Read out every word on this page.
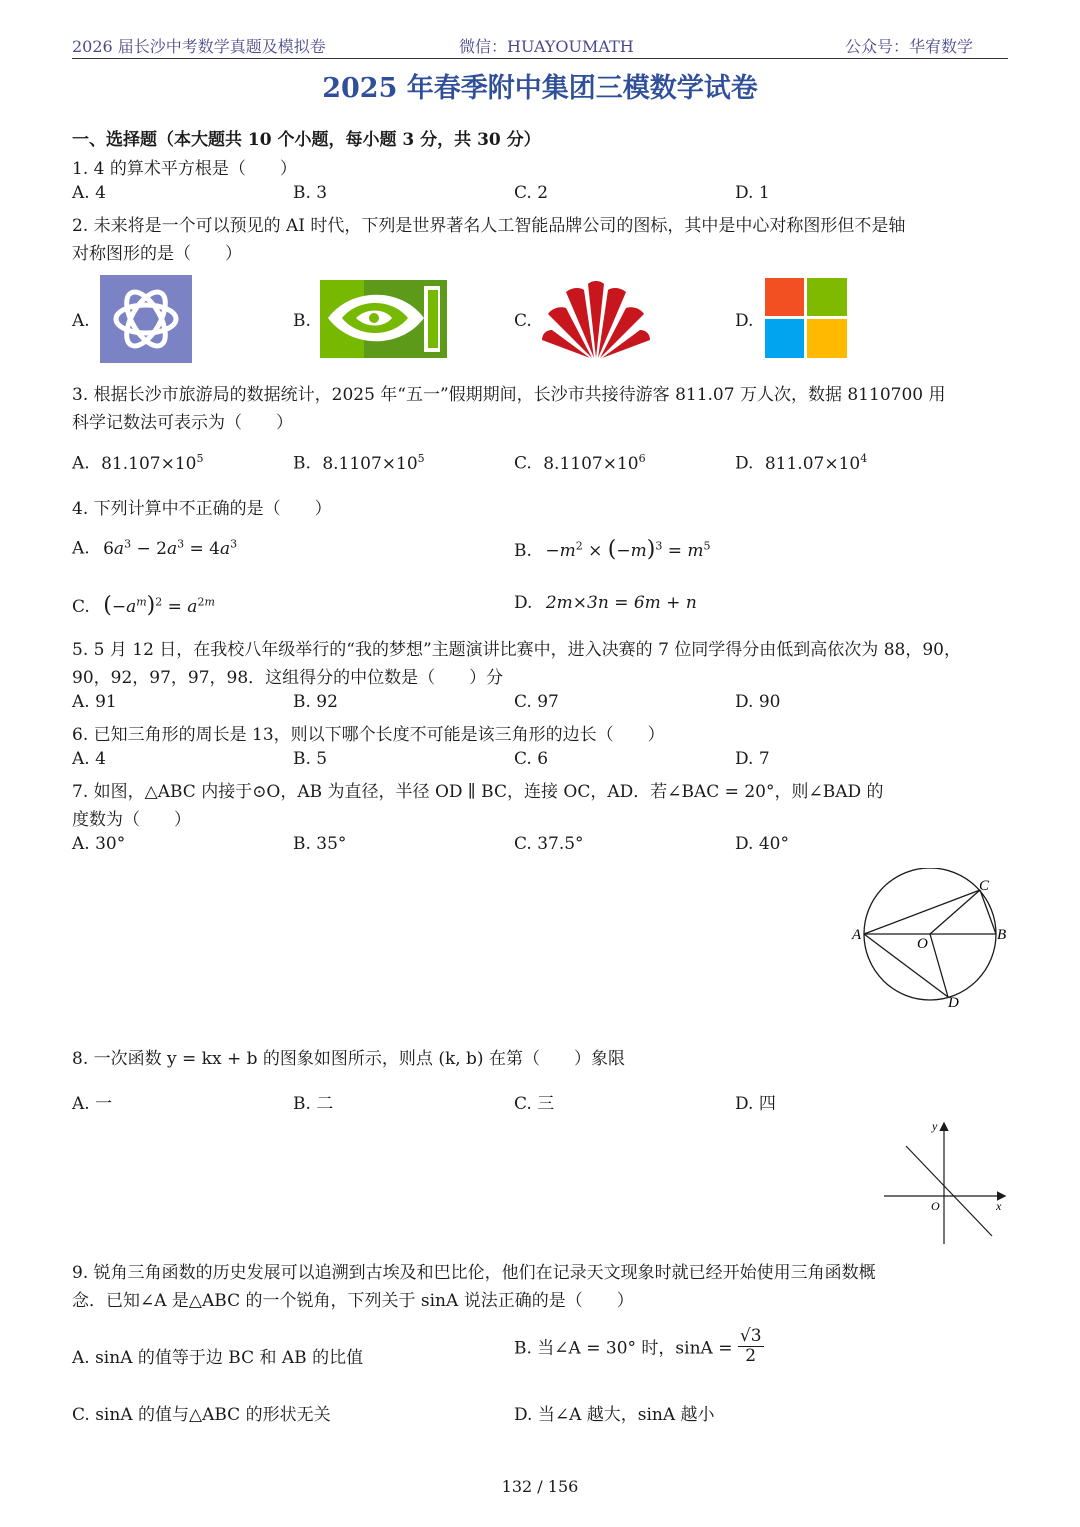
2026 届长沙中考数学真题及模拟卷	微信：HUAYOUMATH	公众号：华宥数学
2025 年春季附中集团三模数学试卷
一、选择题（本大题共 10 个小题，每小题 3 分，共 30 分）
1. 4 的算术平方根是（　　）
A. 4	B. 3	C. 2	D. 1
2. 未来将是一个可以预见的 AI 时代，下列是世界著名人工智能品牌公司的图标，其中是中心对称图形但不是轴
对称图形的是（　　）
A.	B.	C.	D.
3. 根据长沙市旅游局的数据统计，2025 年“五一”假期期间，长沙市共接待游客 811.07 万人次，数据 8110700 用
科学记数法可表示为（　　）
A. $81.107\times 10^5$	B. $8.1107\times 10^5$	C. $8.1107\times 10^6$	D. $811.07\times 10^4$
4. 下列计算中不正确的是（　　）
A. $6a^3 - 2a^3 = 4a^3$	B. $-m^2 \times (-m)^3 = m^5$
C. $(-a^m)^2 = a^{2m}$	D. 2m×3n = 6m + n
5. 5 月 12 日，在我校八年级举行的“我的梦想”主题演讲比赛中，进入决赛的 7 位同学得分由低到高依次为 88，90，
90，92，97，97，98．这组得分的中位数是（　　）分
A. 91	B. 92	C. 97	D. 90
6. 已知三角形的周长是 13，则以下哪个长度不可能是该三角形的边长（　　）
A. 4	B. 5	C. 6	D. 7
7. 如图，△ABC 内接于⊙O，AB 为直径，半径 OD ∥ BC，连接 OC，AD．若∠BAC = 20°，则∠BAD 的
度数为（　　）
A. 30°	B. 35°	C. 37.5°	D. 40°
A	B
C
D
O
8. 一次函数 y = kx + b 的图象如图所示，则点 (k, b) 在第（　　）象限
A. 一	B. 二	C. 三	D. 四
y
x
O
9. 锐角三角函数的历史发展可以追溯到古埃及和巴比伦，他们在记录天文现象时就已经开始使用三角函数概
念．已知∠A 是△ABC 的一个锐角，下列关于 sinA 说法正确的是（　　）
A. sinA 的值等于边 BC 和 AB 的比值	B. 当∠A = 30° 时，$\sin A = \frac{√3}{2}$
C. sinA 的值与△ABC 的形状无关	D. 当∠A 越大，sinA 越小
132 / 156
